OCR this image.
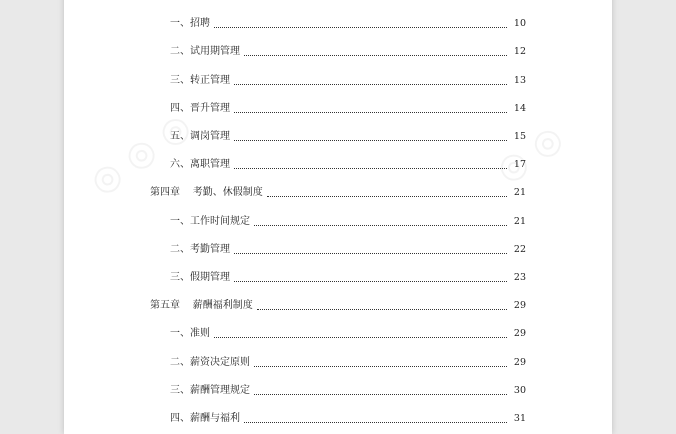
一、招聘	10
二、试用期管理	12
三、转正管理	13
四、晋升管理	14
五、调岗管理	15
六、离职管理	17
第四章    考勤、休假制度	21
一、工作时间规定	21
二、考勤管理	22
三、假期管理	23
第五章    薪酬福利制度	29
一、准则	29
二、薪资决定原则	29
三、薪酬管理规定	30
四、薪酬与福利	31
